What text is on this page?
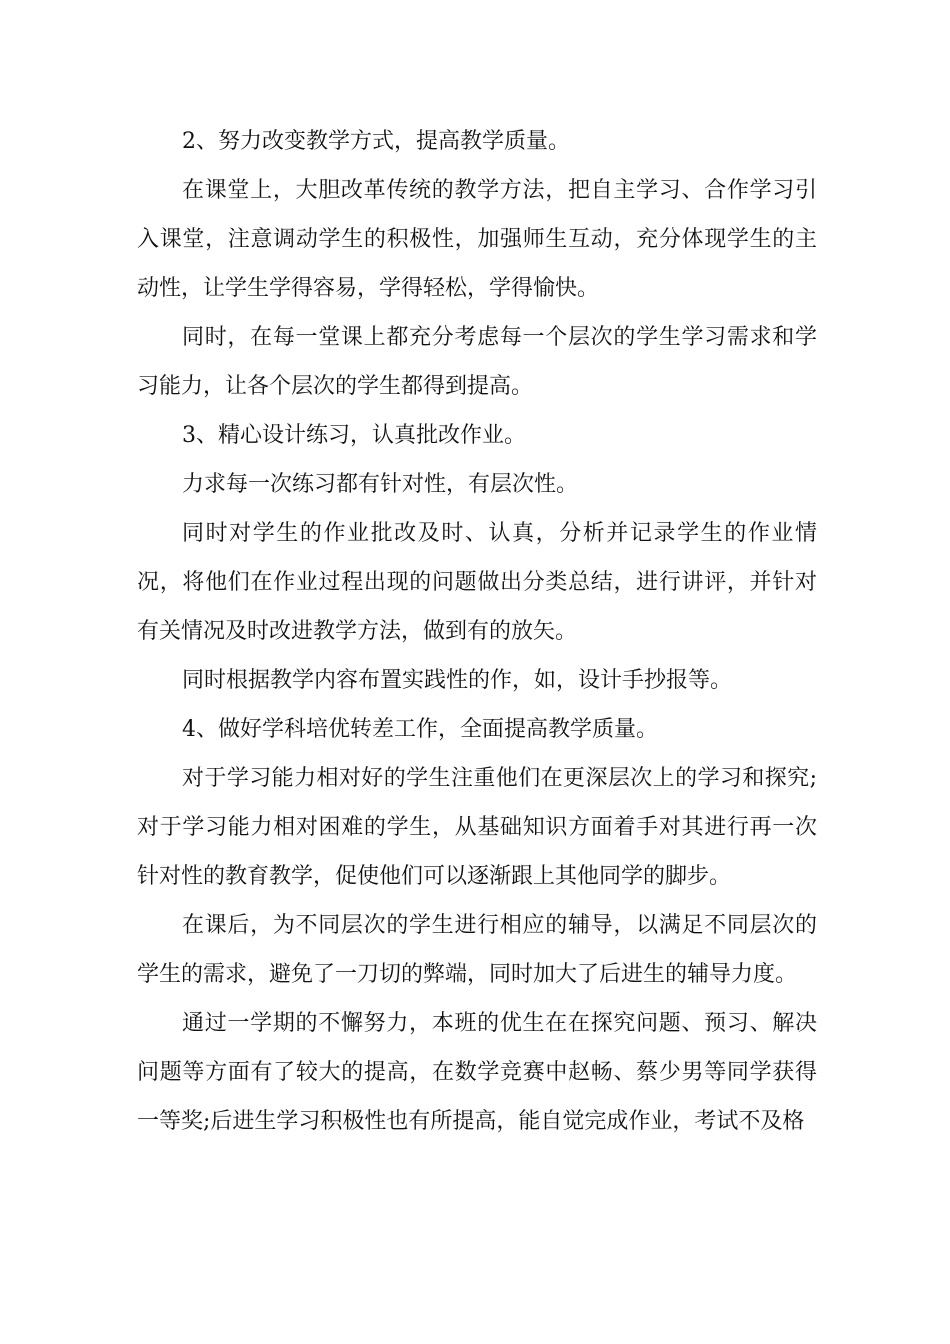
2、努力改变教学方式，提高教学质量。

在课堂上，大胆改革传统的教学方法，把自主学习、合作学习引入课堂，注意调动学生的积极性，加强师生互动，充分体现学生的主动性，让学生学得容易，学得轻松，学得愉快。

同时，在每一堂课上都充分考虑每一个层次的学生学习需求和学习能力，让各个层次的学生都得到提高。

3、精心设计练习，认真批改作业。

力求每一次练习都有针对性，有层次性。

同时对学生的作业批改及时、认真，分析并记录学生的作业情况，将他们在作业过程出现的问题做出分类总结，进行讲评，并针对有关情况及时改进教学方法，做到有的放矢。

同时根据教学内容布置实践性的作，如，设计手抄报等。

4、做好学科培优转差工作，全面提高教学质量。

对于学习能力相对好的学生注重他们在更深层次上的学习和探究;对于学习能力相对困难的学生，从基础知识方面着手对其进行再一次针对性的教育教学，促使他们可以逐渐跟上其他同学的脚步。

在课后，为不同层次的学生进行相应的辅导，以满足不同层次的学生的需求，避免了一刀切的弊端，同时加大了后进生的辅导力度。

通过一学期的不懈努力，本班的优生在在探究问题、预习、解决问题等方面有了较大的提高，在数学竞赛中赵畅、蔡少男等同学获得一等奖;后进生学习积极性也有所提高，能自觉完成作业，考试不及格
